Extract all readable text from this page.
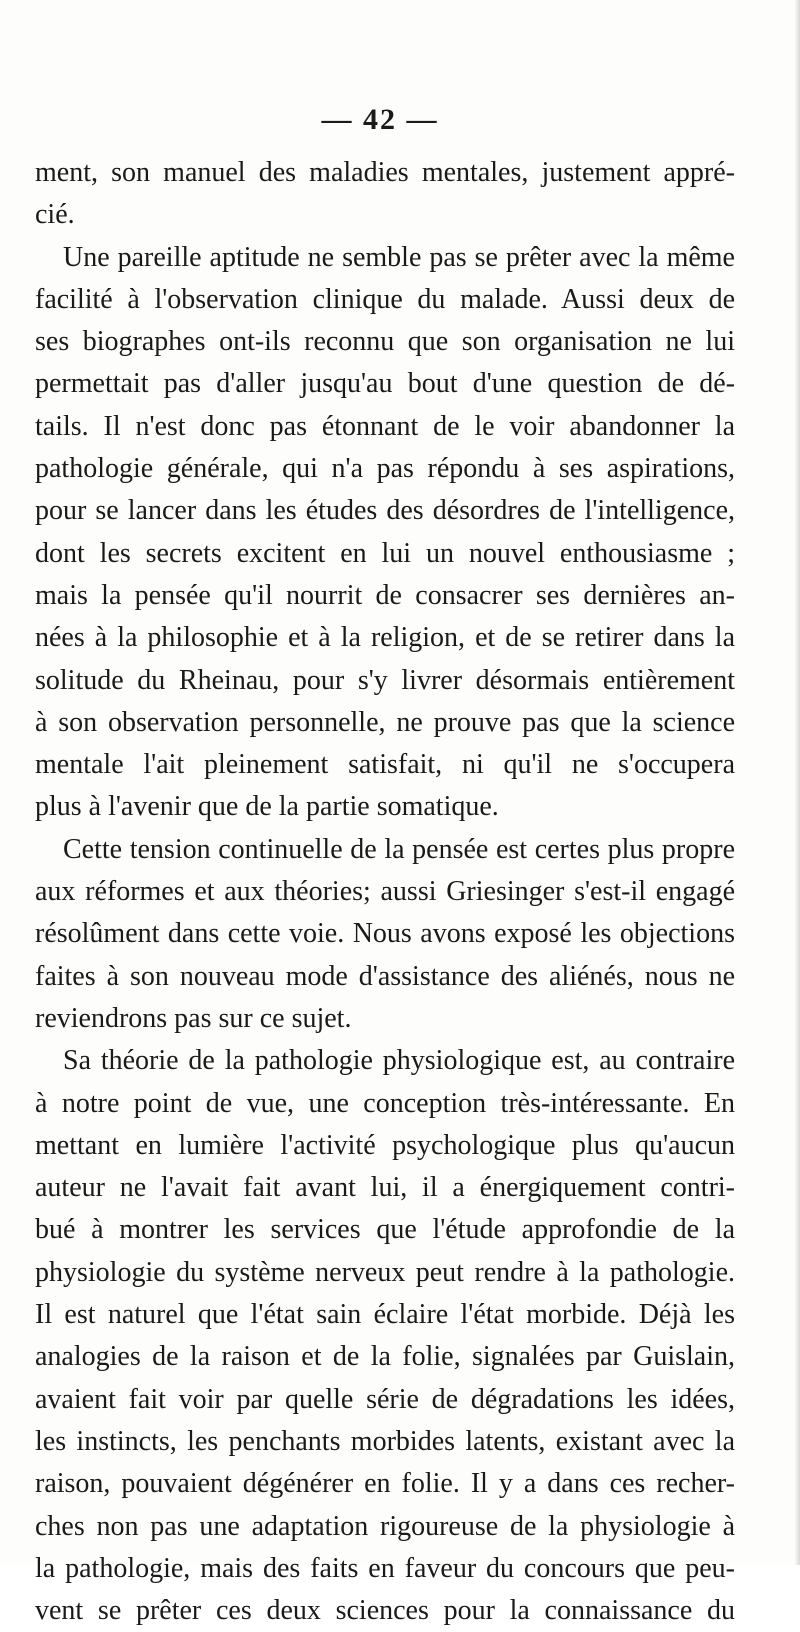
— 42 —
ment, son manuel des maladies mentales, justement appré-
cié.
Une pareille aptitude ne semble pas se prêter avec la même
facilité à l'observation clinique du malade. Aussi deux de
ses biographes ont-ils reconnu que son organisation ne lui
permettait pas d'aller jusqu'au bout d'une question de dé-
tails. Il n'est donc pas étonnant de le voir abandonner la
pathologie générale, qui n'a pas répondu à ses aspirations,
pour se lancer dans les études des désordres de l'intelligence,
dont les secrets excitent en lui un nouvel enthousiasme ;
mais la pensée qu'il nourrit de consacrer ses dernières an-
nées à la philosophie et à la religion, et de se retirer dans la
solitude du Rheinau, pour s'y livrer désormais entièrement
à son observation personnelle, ne prouve pas que la science
mentale l'ait pleinement satisfait, ni qu'il ne s'occupera
plus à l'avenir que de la partie somatique.
Cette tension continuelle de la pensée est certes plus propre
aux réformes et aux théories; aussi Griesinger s'est-il engagé
résolûment dans cette voie. Nous avons exposé les objections
faites à son nouveau mode d'assistance des aliénés, nous ne
reviendrons pas sur ce sujet.
Sa théorie de la pathologie physiologique est, au contraire
à notre point de vue, une conception très-intéressante. En
mettant en lumière l'activité psychologique plus qu'aucun
auteur ne l'avait fait avant lui, il a énergiquement contri-
bué à montrer les services que l'étude approfondie de la
physiologie du système nerveux peut rendre à la pathologie.
Il est naturel que l'état sain éclaire l'état morbide. Déjà les
analogies de la raison et de la folie, signalées par Guislain,
avaient fait voir par quelle série de dégradations les idées,
les instincts, les penchants morbides latents, existant avec la
raison, pouvaient dégénérer en folie. Il y a dans ces recher-
ches non pas une adaptation rigoureuse de la physiologie à
la pathologie, mais des faits en faveur du concours que peu-
vent se prêter ces deux sciences pour la connaissance du
